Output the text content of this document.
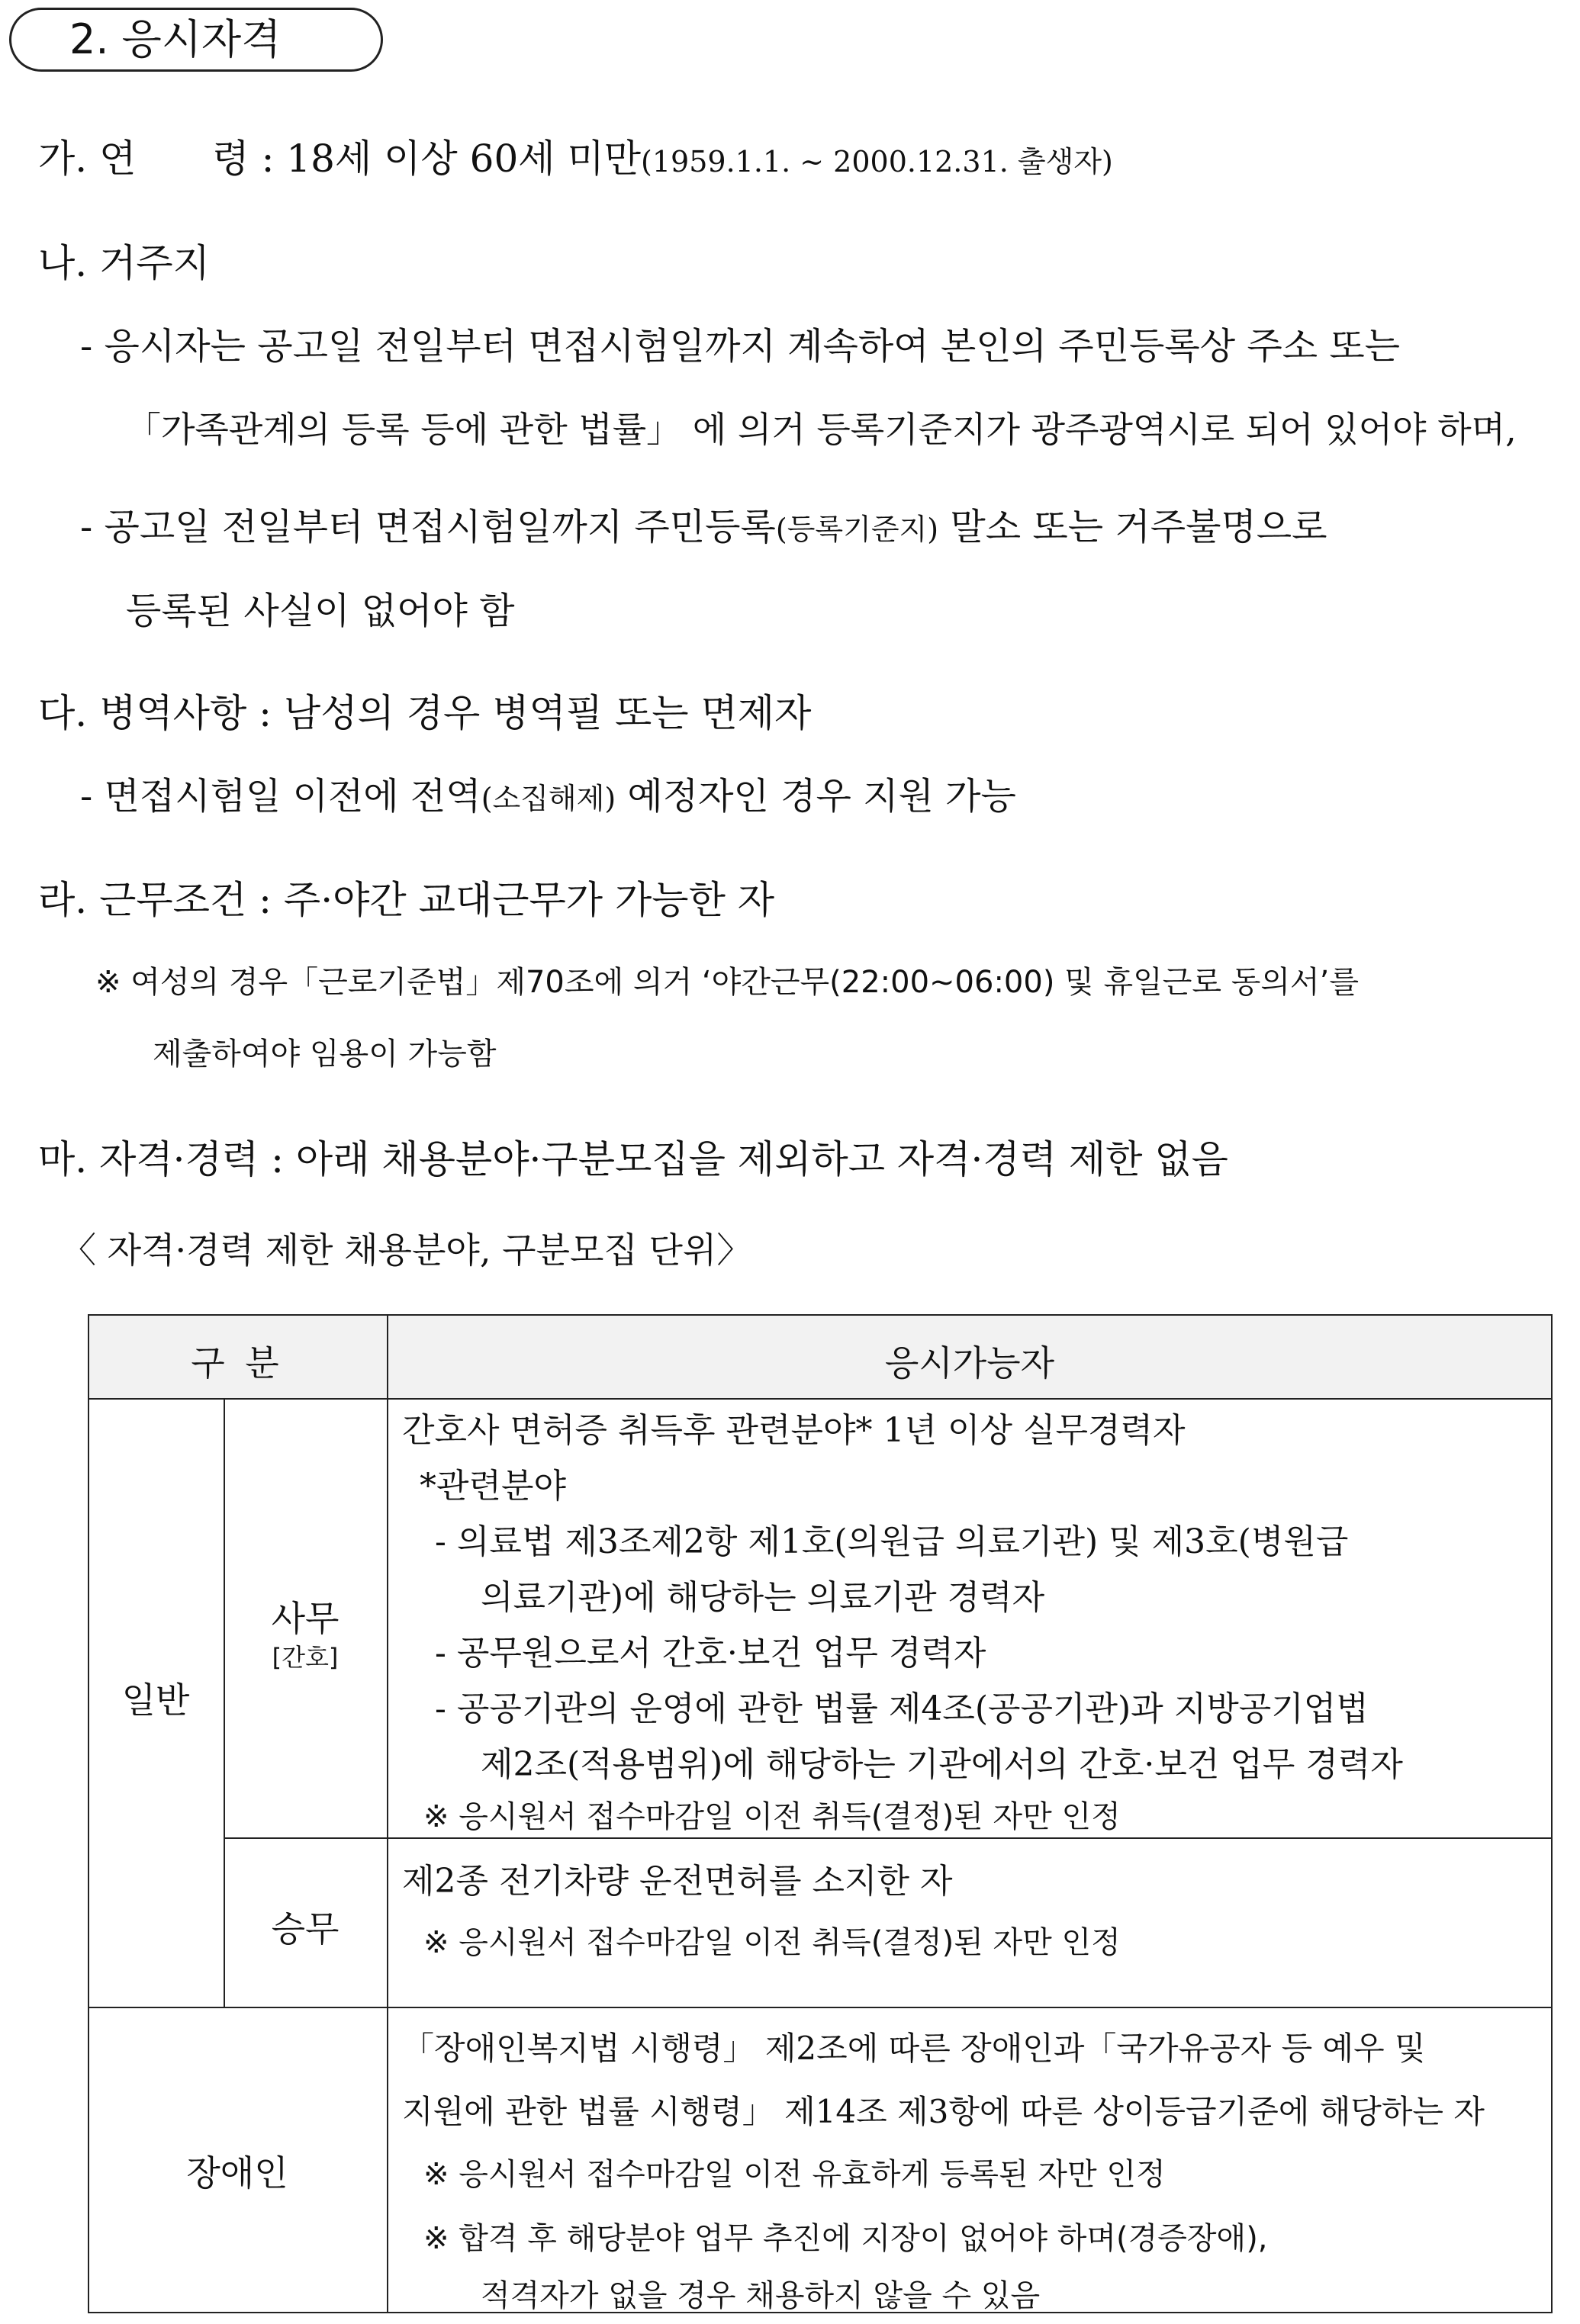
2. 응시자격
가. 연　　령 : 18세 이상 60세 미만(1959.1.1. ~ 2000.12.31. 출생자)
나. 거주지
- 응시자는 공고일 전일부터 면접시험일까지 계속하여 본인의 주민등록상 주소 또는
「가족관계의 등록 등에 관한 법률」 에 의거 등록기준지가 광주광역시로 되어 있어야 하며,
- 공고일 전일부터 면접시험일까지 주민등록(등록기준지) 말소 또는 거주불명으로
등록된 사실이 없어야 함
다. 병역사항 : 남성의 경우 병역필 또는 면제자
- 면접시험일 이전에 전역(소집해제) 예정자인 경우 지원 가능
라. 근무조건 : 주·야간 교대근무가 가능한 자
※ 여성의 경우「근로기준법」제70조에 의거 ‘야간근무(22:00∼06:00) 및 휴일근로 동의서’를
제출하여야 임용이 가능함
마. 자격·경력 : 아래 채용분야·구분모집을 제외하고 자격·경력 제한 없음
〈 자격·경력 제한 채용분야, 구분모집 단위〉
구 분	응시가능자
일반
사무
[간호]
간호사 면허증 취득후 관련분야* 1년 이상 실무경력자
*관련분야
- 의료법 제3조제2항 제1호(의원급 의료기관) 및 제3호(병원급
의료기관)에 해당하는 의료기관 경력자
- 공무원으로서 간호·보건 업무 경력자
- 공공기관의 운영에 관한 법률 제4조(공공기관)과 지방공기업법
제2조(적용범위)에 해당하는 기관에서의 간호·보건 업무 경력자
※ 응시원서 접수마감일 이전 취득(결정)된 자만 인정
승무
제2종 전기차량 운전면허를 소지한 자
※ 응시원서 접수마감일 이전 취득(결정)된 자만 인정
장애인
「장애인복지법 시행령」 제2조에 따른 장애인과「국가유공자 등 예우 및
지원에 관한 법률 시행령」 제14조 제3항에 따른 상이등급기준에 해당하는 자
※ 응시원서 접수마감일 이전 유효하게 등록된 자만 인정
※ 합격 후 해당분야 업무 추진에 지장이 없어야 하며(경증장애),
적격자가 없을 경우 채용하지 않을 수 있음
